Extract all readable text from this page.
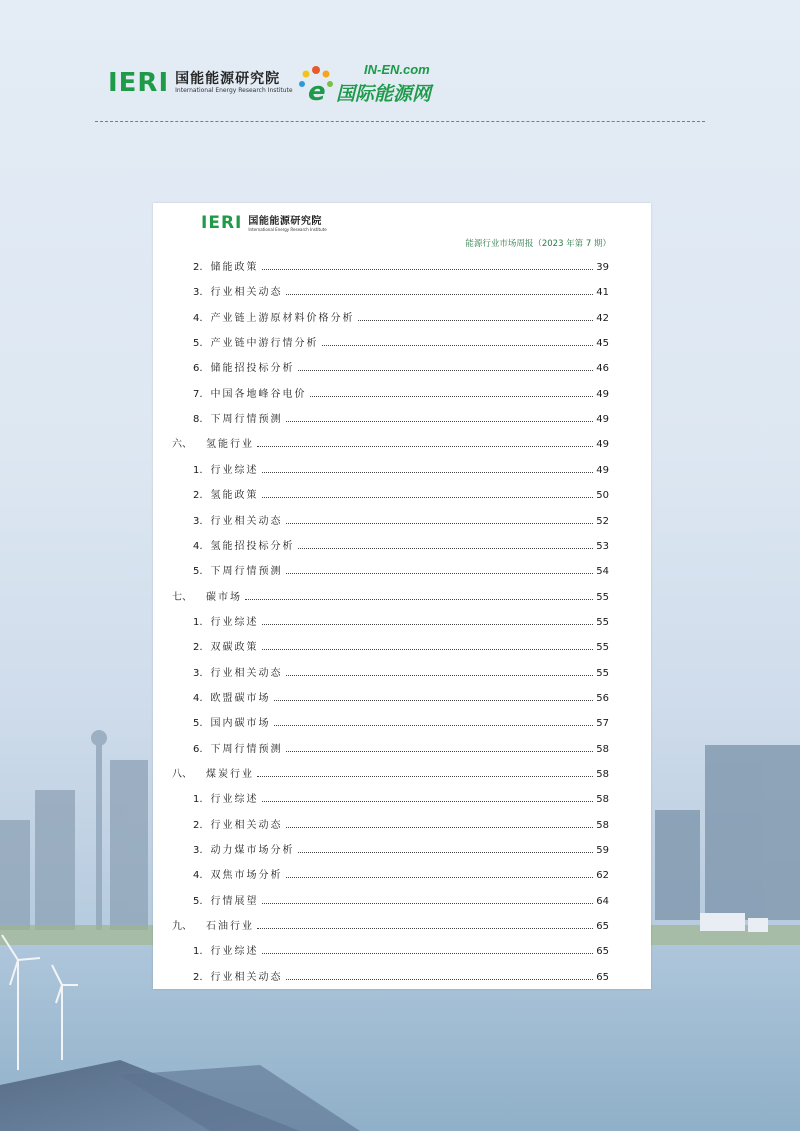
IERI 国能能源研究院
International Energy Research Institute e
IN-EN.com
国际能源网
IERI 国能能源研究院
International Energy Research Institute
能源行业市场周报（2023 年第 7 期）
2. 储能政策	39
3. 行业相关动态	41
4. 产业链上游原材料价格分析	42
5. 产业链中游行情分析	45
6. 储能招投标分析	46
7. 中国各地峰谷电价	49
8. 下周行情预测	49
六、 氢能行业	49
1. 行业综述	49
2. 氢能政策	50
3. 行业相关动态	52
4. 氢能招投标分析	53
5. 下周行情预测	54
七、 碳市场	55
1. 行业综述	55
2. 双碳政策	55
3. 行业相关动态	55
4. 欧盟碳市场	56
5. 国内碳市场	57
6. 下周行情预测	58
八、 煤炭行业	58
1. 行业综述	58
2. 行业相关动态	58
3. 动力煤市场分析	59
4. 双焦市场分析	62
5. 行情展望	64
九、 石油行业	65
1. 行业综述	65
2. 行业相关动态	65
